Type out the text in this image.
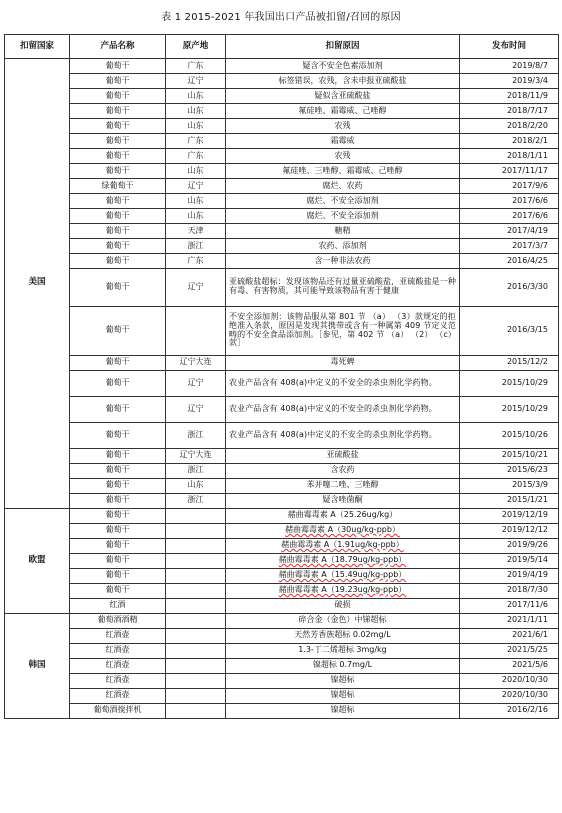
表 1 2015-2021 年我国出口产品被扣留/召回的原因
扣留国家	产品名称	原产地	扣留原因	发布时间
美国	葡萄干	广东	疑含不安全色素添加剂	2019/8/7
	葡萄干	辽宁	标签错误，农残，含未申报亚硫酸盐	2019/3/4
	葡萄干	山东	疑似含亚硫酸盐	2018/11/9
	葡萄干	山东	氟硅唑、霜霉威、己唑醇	2018/7/17
	葡萄干	山东	农残	2018/2/20
	葡萄干	广东	霜霉威	2018/2/1
	葡萄干	广东	农残	2018/1/11
	葡萄干	山东	氟硅唑、三唑醇、霜霉威、己唑醇	2017/11/17
	绿葡萄干	辽宁	腐烂、农药	2017/9/6
	葡萄干	山东	腐烂、不安全添加剂	2017/6/6
	葡萄干	山东	腐烂、不安全添加剂	2017/6/6
	葡萄干	天津	糖精	2017/4/19
	葡萄干	浙江	农药、添加剂	2017/3/7
	葡萄干	广东	含一种非法农药	2016/4/25
	葡萄干	辽宁	亚硫酸盐超标：发现该物品还有过量亚硫酸盐，亚硫酸盐是一种有毒、有害物质，其可能导致该物品有害于健康	2016/3/30
	葡萄干		不安全添加剂：该物品服从第 801 节 （a） （3）款规定的拒绝准入条款，原因是发现其携带或含有一种属第 409 节定义范畴的不安全食品添加剂。［参见，第 402 节 （a） （2） （c）款］	2016/3/15
	葡萄干	辽宁大连	毒死蜱	2015/12/2
	葡萄干	辽宁	农业产品含有 408(a)中定义的不安全的杀虫剂化学药物。	2015/10/29
	葡萄干	辽宁	农业产品含有 408(a)中定义的不安全的杀虫剂化学药物。	2015/10/29
	葡萄干	浙江	农业产品含有 408(a)中定义的不安全的杀虫剂化学药物。	2015/10/26
	葡萄干	辽宁大连	亚硫酸盐	2015/10/21
	葡萄干	浙江	含农药	2015/6/23
	葡萄干	山东	苯并噻二唑、三唑醇	2015/3/9
	葡萄干	浙江	疑含唑菌酮	2015/1/21
欧盟	葡萄干		赭曲霉毒素 A（25.26ug/kg）	2019/12/19
	葡萄干		赭曲霉毒素 A（30ug/kg-ppb）	2019/12/12
	葡萄干		赭曲霉毒素 A（1.91ug/kg-ppb）	2019/9/26
	葡萄干		赭曲霉毒素 A（18.79ug/kg-ppb）	2019/5/14
	葡萄干		赭曲霉毒素 A（15.49ug/kg-ppb）	2019/4/19
	葡萄干		赭曲霉毒素 A（19.23ug/kg-ppb）	2018/7/30
	红酒		破损	2017/11/6
韩国	葡萄酒酒精		碎合金（金色）中锑超标	2021/1/11
	红酒壶		天然芳香族超标 0.02mg/L	2021/6/1
	红酒壶		1.3-丁二烯超标 3mg/kg	2021/5/25
	红酒壶		镍超标 0.7mg/L	2021/5/6
	红酒壶		镍超标	2020/10/30
	红酒壶		镍超标	2020/10/30
	葡萄酒搅拌机		镍超标	2016/2/16
